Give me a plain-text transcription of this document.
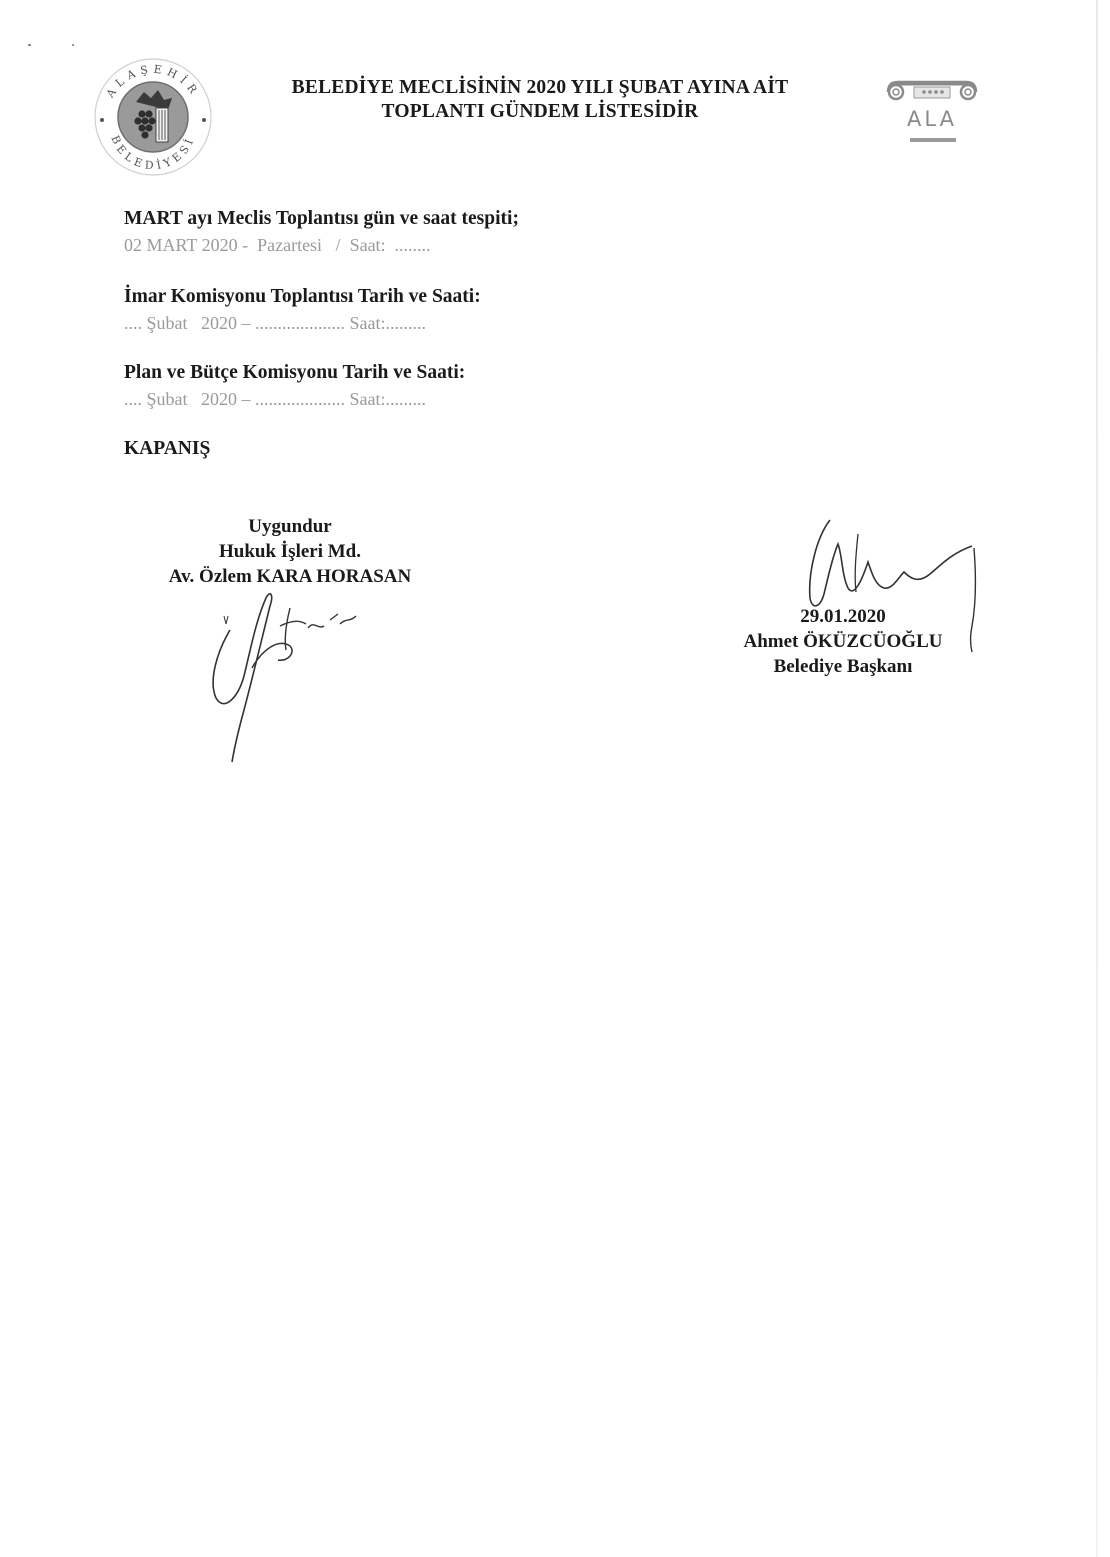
ALAŞEHİR
BELEDİYESİ
BELEDİYE MECLİSİNİN 2020 YILI ŞUBAT AYINA AİT
TOPLANTI GÜNDEM LİSTESİDİR	ALA
MART ayı Meclis Toplantısı gün ve saat tespiti;
02 MART 2020 -  Pazartesi   /  Saat:  ........
İmar Komisyonu Toplantısı Tarih ve Saati:
.... Şubat   2020 – .................... Saat:.........
Plan ve Bütçe Komisyonu Tarih ve Saati:
.... Şubat   2020 – .................... Saat:.........
KAPANIŞ
Uygundur
Hukuk İşleri Md.
Av. Özlem KARA HORASAN
29.01.2020
Ahmet ÖKÜZCÜOĞLU
Belediye Başkanı
